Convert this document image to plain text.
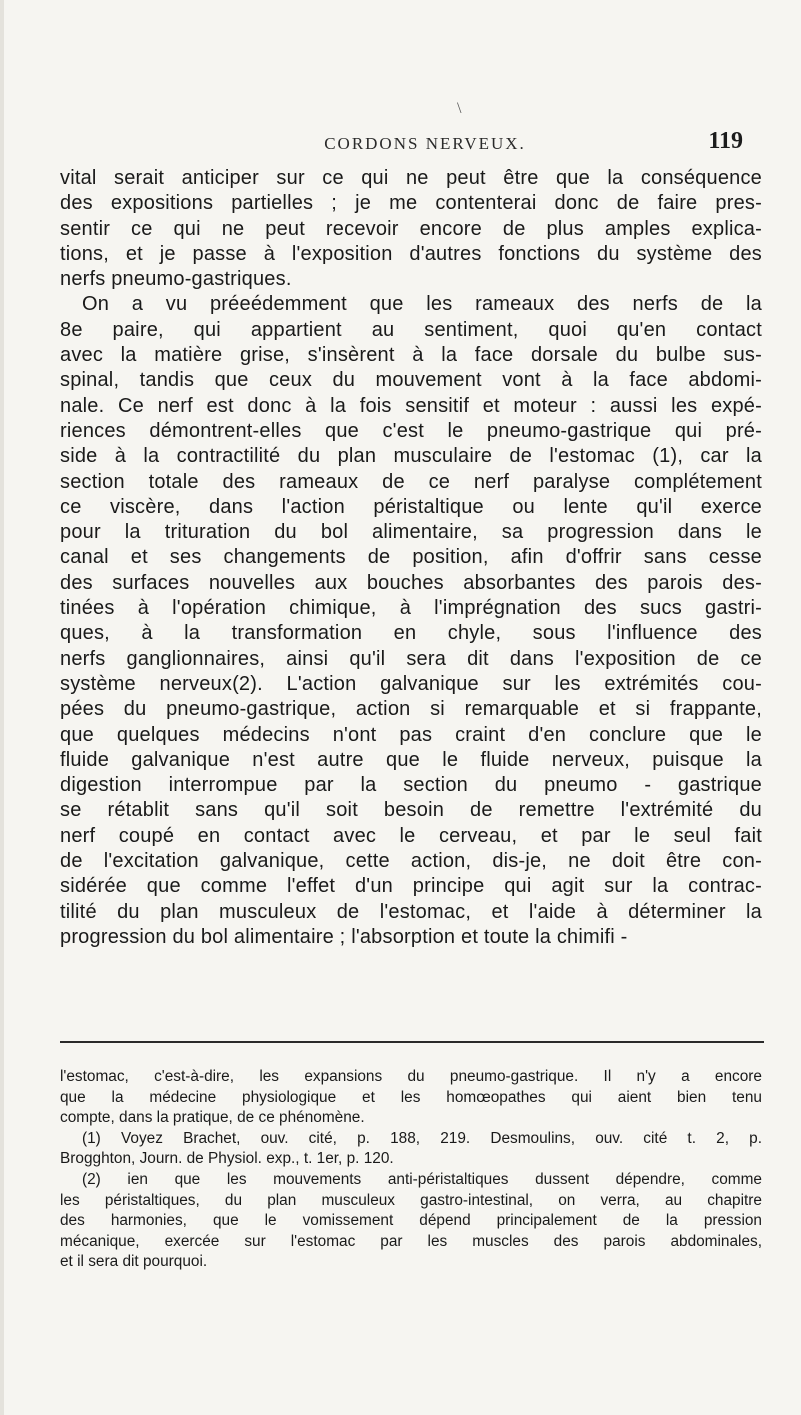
\
CORDONS NERVEUX.	119
vital serait anticiper sur ce qui ne peut être que la conséquence
des expositions partielles ; je me contenterai donc de faire pres-
sentir ce qui ne peut recevoir encore de plus amples explica-
tions, et je passe à l'exposition d'autres fonctions du système des
nerfs pneumo-gastriques.
On a vu préeédemment que les rameaux des nerfs de la
8e paire, qui appartient au sentiment, quoi qu'en contact
avec la matière grise, s'insèrent à la face dorsale du bulbe sus-
spinal, tandis que ceux du mouvement vont à la face abdomi-
nale. Ce nerf est donc à la fois sensitif et moteur : aussi les expé-
riences démontrent-elles que c'est le pneumo-gastrique qui pré-
side à la contractilité du plan musculaire de l'estomac (1), car la
section totale des rameaux de ce nerf paralyse complétement
ce viscère, dans l'action péristaltique ou lente qu'il exerce
pour la trituration du bol alimentaire, sa progression dans le
canal et ses changements de position, afin d'offrir sans cesse
des surfaces nouvelles aux bouches absorbantes des parois des-
tinées à l'opération chimique, à l'imprégnation des sucs gastri-
ques, à la transformation en chyle, sous l'influence des
nerfs ganglionnaires, ainsi qu'il sera dit dans l'exposition de ce
système nerveux(2). L'action galvanique sur les extrémités cou-
pées du pneumo-gastrique, action si remarquable et si frappante,
que quelques médecins n'ont pas craint d'en conclure que le
fluide galvanique n'est autre que le fluide nerveux, puisque la
digestion interrompue par la section du pneumo - gastrique
se rétablit sans qu'il soit besoin de remettre l'extrémité du
nerf coupé en contact avec le cerveau, et par le seul fait
de l'excitation galvanique, cette action, dis-je, ne doit être con-
sidérée que comme l'effet d'un principe qui agit sur la contrac-
tilité du plan musculeux de l'estomac, et l'aide à déterminer la
progression du bol alimentaire ; l'absorption et toute la chimifi -
l'estomac, c'est-à-dire, les expansions du pneumo-gastrique. Il n'y a encore
que la médecine physiologique et les homœopathes qui aient bien tenu
compte, dans la pratique, de ce phénomène.
(1) Voyez Brachet, ouv. cité, p. 188, 219. Desmoulins, ouv. cité t. 2, p.
Brogghton, Journ. de Physiol. exp., t. 1er, p. 120.
(2) ien que les mouvements anti-péristaltiques dussent dépendre, comme
les péristaltiques, du plan musculeux gastro-intestinal, on verra, au chapitre
des harmonies, que le vomissement dépend principalement de la pression
mécanique, exercée sur l'estomac par les muscles des parois abdominales,
et il sera dit pourquoi.
